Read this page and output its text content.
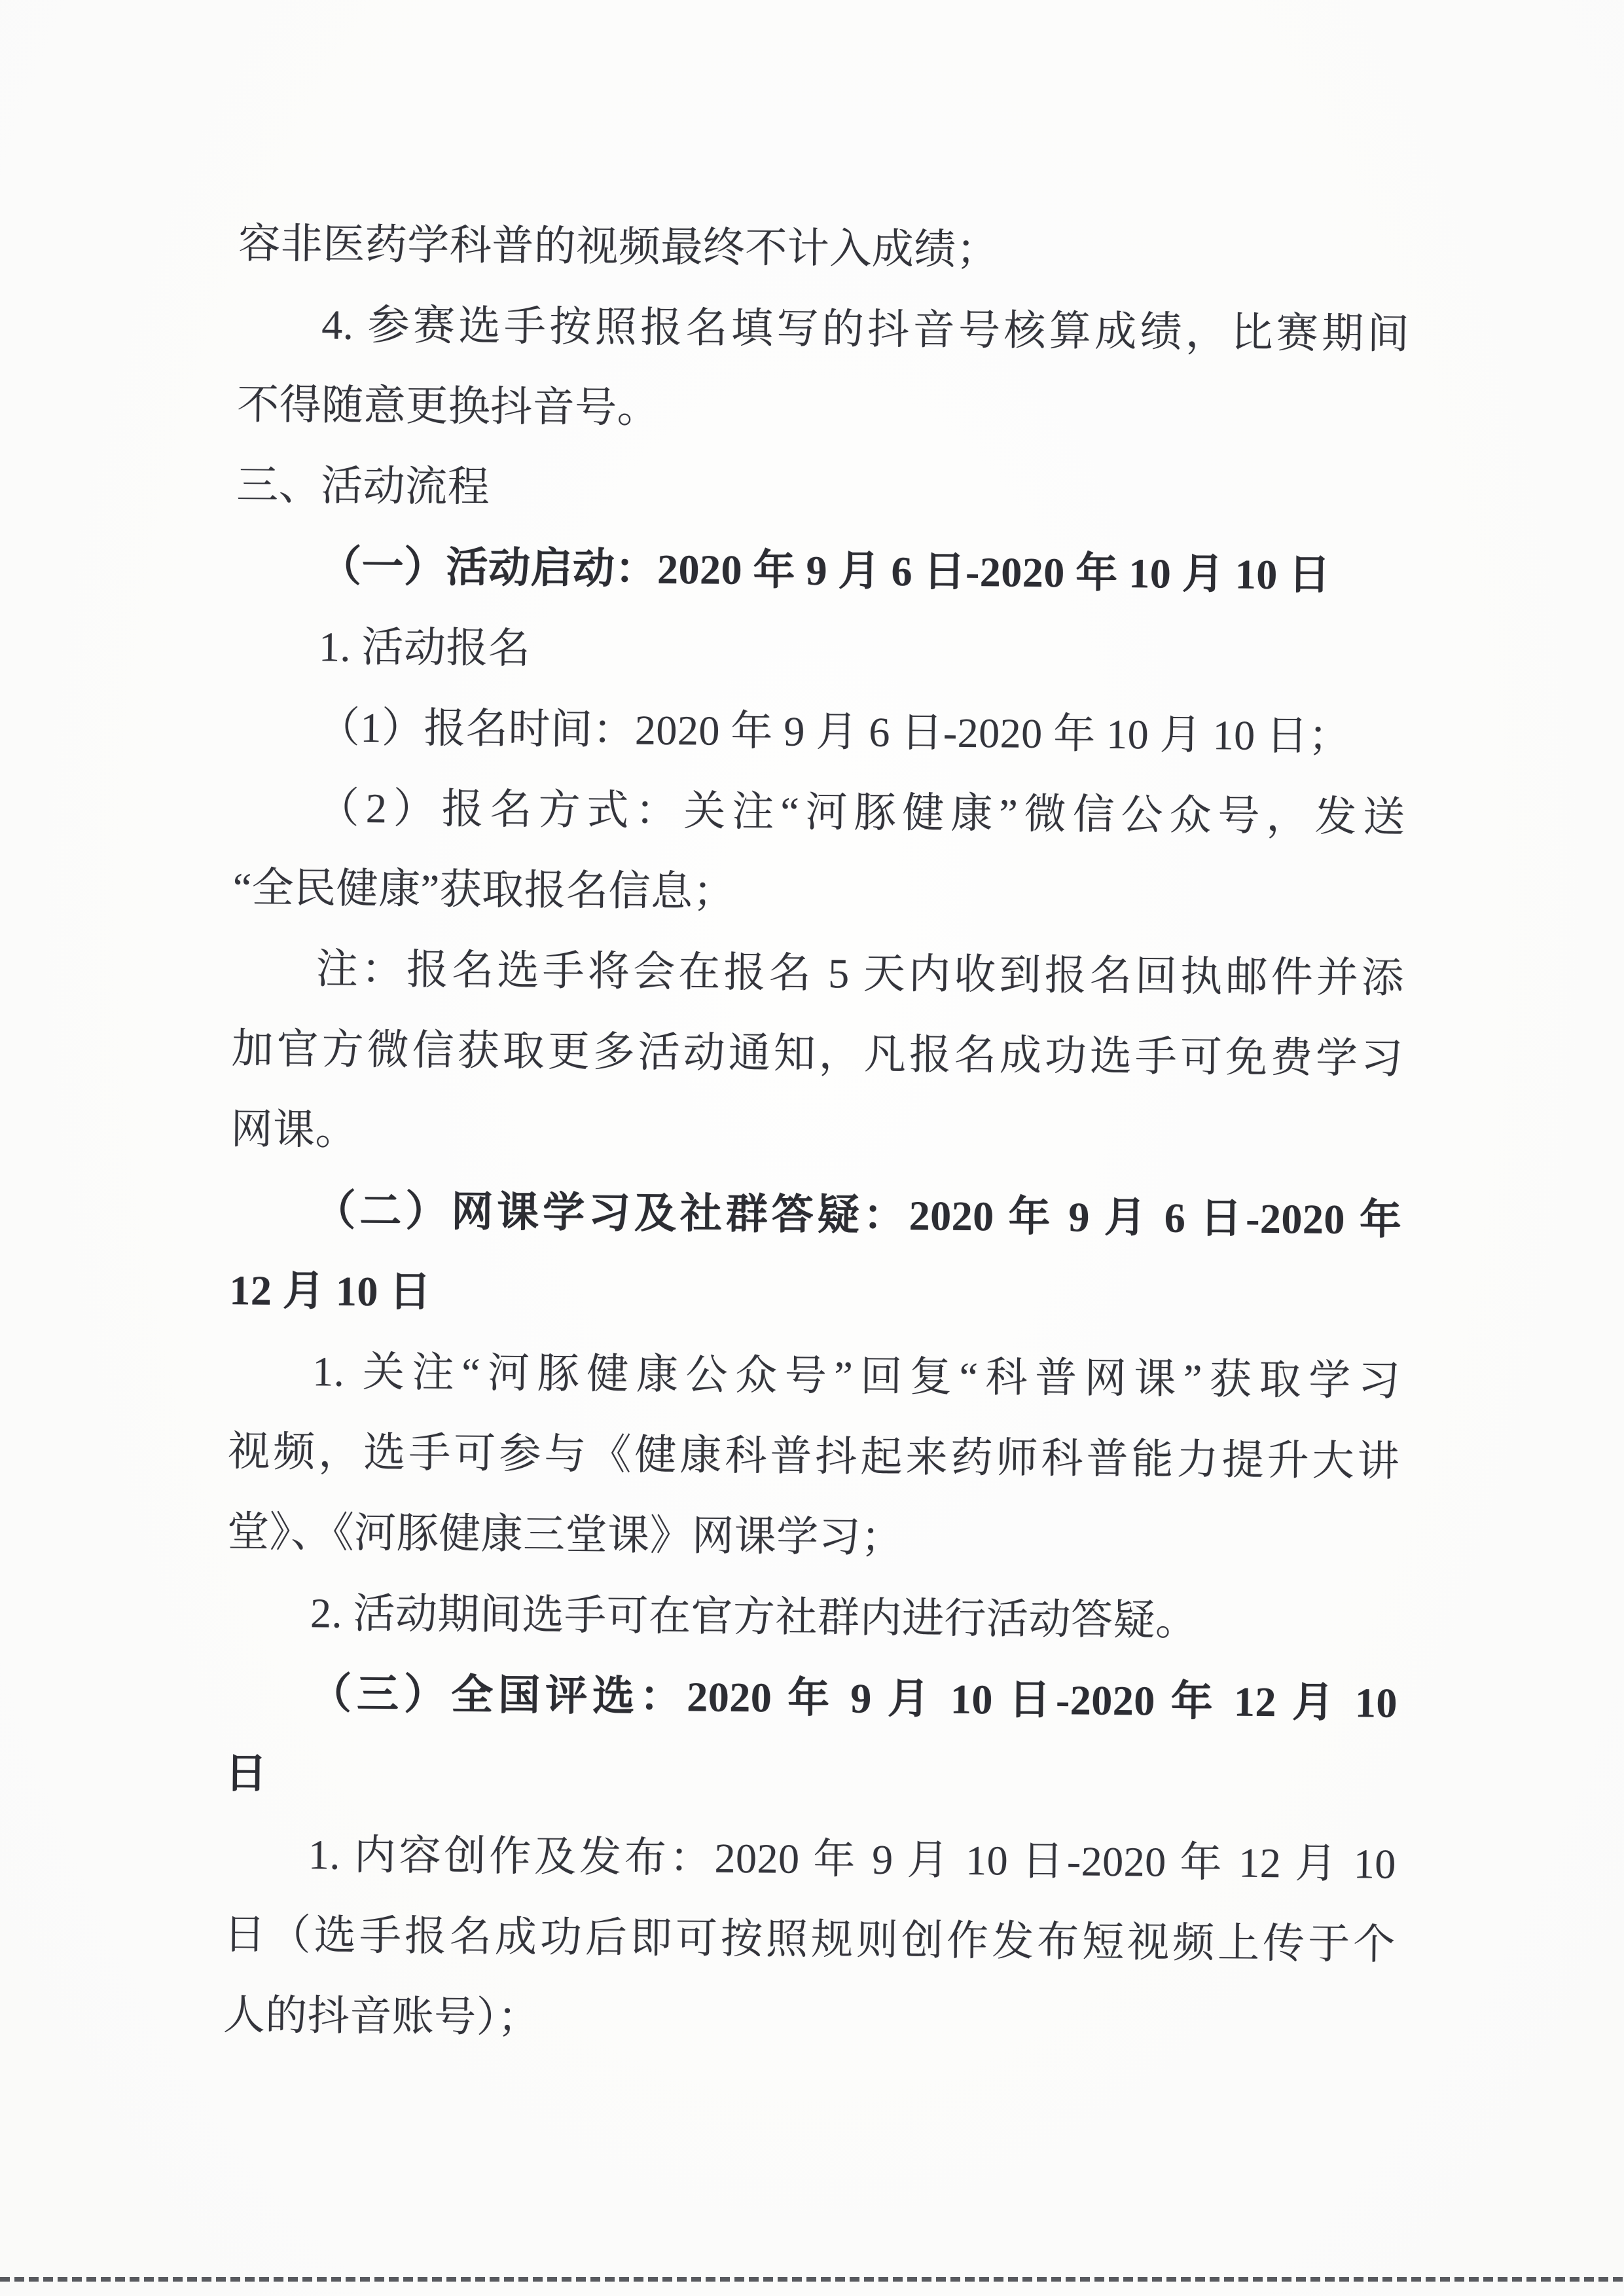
容非医药学科普的视频最终不计入成绩；

4. 参赛选手按照报名填写的抖音号核算成绩，比赛期间

不得随意更换抖音号。

三、活动流程

（一）活动启动：2020 年 9 月 6 日-2020 年 10 月 10 日

1. 活动报名

（1）报名时间：2020 年 9 月 6 日-2020 年 10 月 10 日；

（2）报名方式：关注“河豚健康”微信公众号，发送

“全民健康”获取报名信息；

注：报名选手将会在报名 5 天内收到报名回执邮件并添

加官方微信获取更多活动通知，凡报名成功选手可免费学习

网课。

（二）网课学习及社群答疑：2020 年 9 月 6 日-2020 年

12 月 10 日

1. 关注“河豚健康公众号”回复“科普网课”获取学习

视频，选手可参与《健康科普抖起来药师科普能力提升大讲

堂》、《河豚健康三堂课》网课学习；

2. 活动期间选手可在官方社群内进行活动答疑。

（三）全国评选：2020 年 9 月 10 日-2020 年 12 月 10

日

1. 内容创作及发布：2020 年 9 月 10 日-2020 年 12 月 10

日（选手报名成功后即可按照规则创作发布短视频上传于个

人的抖音账号）；
